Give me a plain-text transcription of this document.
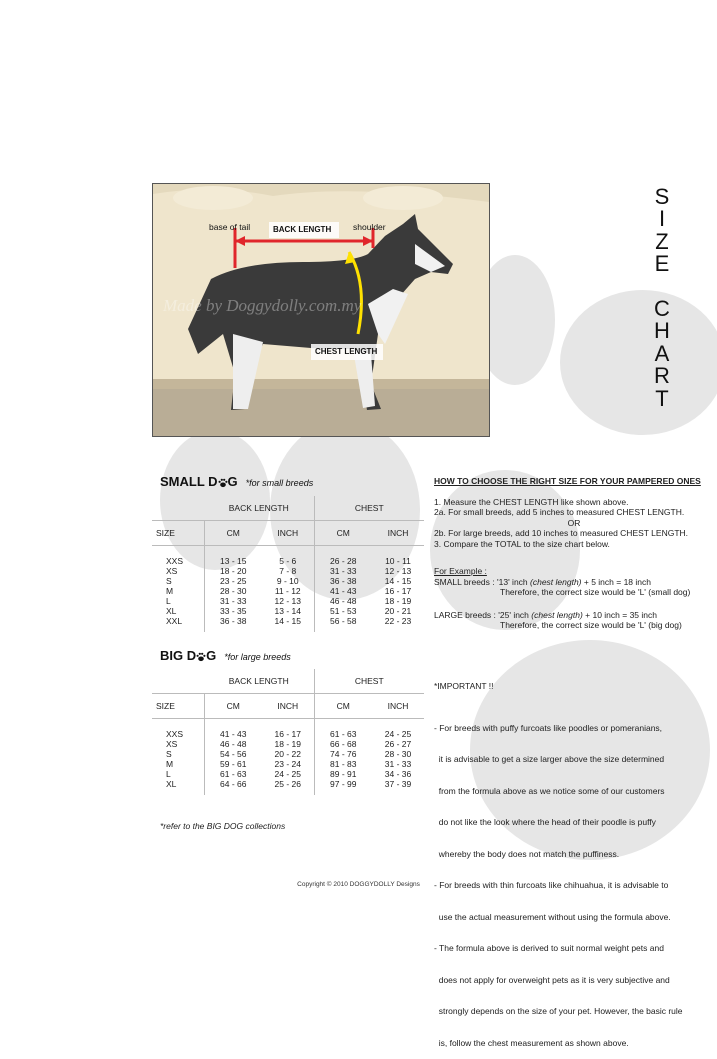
base of tail	BACK LENGTH	shoulder
CHEST LENGTH
Made by Doggydolly.com.my
S
I
Z
E
C
H
A
R
T
SMALL D G *for small breeds
	BACK LENGTH		CHEST	
SIZE	CM	INCH	CM	INCH

XXS	13 - 15	5 - 6	26 - 28	10 - 11
XS	18 - 20	7 - 8	31 - 33	12 - 13
S	23 - 25	9 - 10	36 - 38	14 - 15
M	28 - 30	11 - 12	41 - 43	16 - 17
L	31 - 33	12 - 13	46 - 48	18 - 19
XL	33 - 35	13 - 14	51 - 53	20 - 21
XXL	36 - 38	14 - 15	56 - 58	22 - 23

BIG D G *for large breeds
	BACK LENGTH		CHEST	
SIZE	CM	INCH	CM	INCH

XXS	41 - 43	16 - 17	61 - 63	24 - 25
XS	46 - 48	18 - 19	66 - 68	26 - 27
S	54 - 56	20 - 22	74 - 76	28 - 30
M	59 - 61	23 - 24	81 - 83	31 - 33
L	61 - 63	24 - 25	89 - 91	34 - 36
XL	64 - 66	25 - 26	97 - 99	37 - 39

*refer to the BIG DOG collections

HOW TO CHOOSE THE RIGHT SIZE FOR YOUR PAMPERED ONES

1. Measure the CHEST LENGTH like shown above.

2a. For small breeds, add 5 inches to measured CHEST LENGTH.

OR

2b. For large breeds, add 10 inches to measured CHEST LENGTH.

3. Compare the TOTAL to the size chart below.

For Example :

SMALL breeds : '13' inch (chest length) + 5 inch = 18 inch

Therefore, the correct size would be 'L' (small dog)

LARGE breeds : '25' inch (chest length) + 10 inch = 35 inch

Therefore, the correct size would be 'L' (big dog)

*IMPORTANT !!

- For breeds with puffy furcoats like poodles or pomeranians,

it is advisable to get a size larger above the size determined

from the formula above as we notice some of our customers

do not like the look where the head of their poodle is puffy

whereby the body does not match the puffiness.

- For breeds with thin furcoats like chihuahua, it is advisable to

use the actual measurement without using the formula above.

- The formula above is derived to suit normal weight pets and

does not apply for overweight pets as it is very subjective and

strongly depends on the size of your pet. However, the basic rule

is, follow the chest measurement as shown above.

Copyright © 2010 DOGGYDOLLY Designs
